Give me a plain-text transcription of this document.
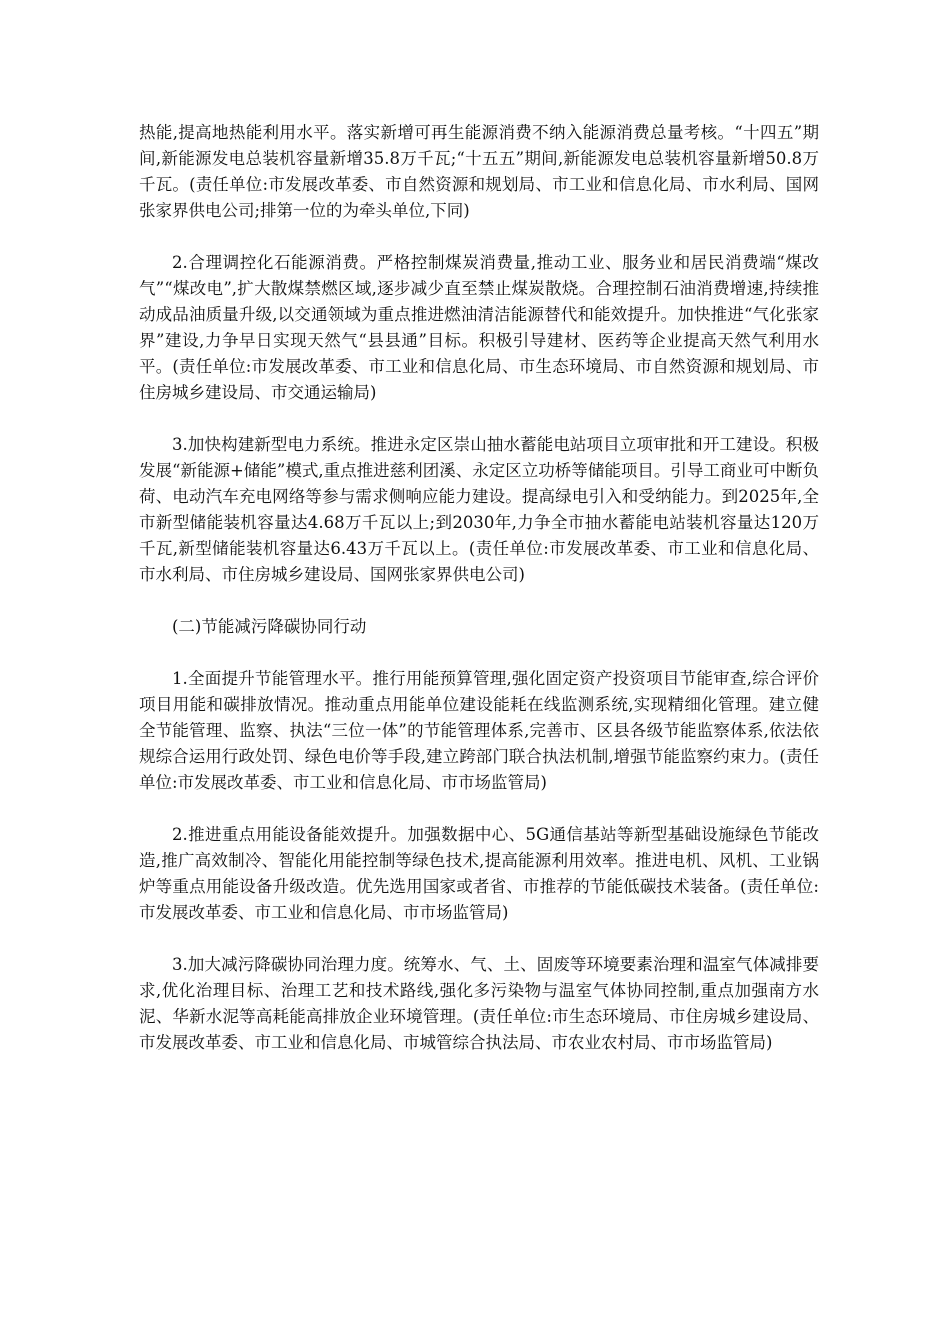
热能,提高地热能利用水平。落实新增可再生能源消费不纳入能源消费总量考核。“十四五”期间,新能源发电总装机容量新增35.8万千瓦;“十五五”期间,新能源发电总装机容量新增50.8万千瓦。(责任单位:市发展改革委、市自然资源和规划局、市工业和信息化局、市水利局、国网张家界供电公司;排第一位的为牵头单位,下同)

2.合理调控化石能源消费。严格控制煤炭消费量,推动工业、服务业和居民消费端“煤改气”“煤改电”,扩大散煤禁燃区域,逐步减少直至禁止煤炭散烧。合理控制石油消费增速,持续推动成品油质量升级,以交通领域为重点推进燃油清洁能源替代和能效提升。加快推进“气化张家界”建设,力争早日实现天然气“县县通”目标。积极引导建材、医药等企业提高天然气利用水平。(责任单位:市发展改革委、市工业和信息化局、市生态环境局、市自然资源和规划局、市住房城乡建设局、市交通运输局)

3.加快构建新型电力系统。推进永定区崇山抽水蓄能电站项目立项审批和开工建设。积极发展“新能源+储能”模式,重点推进慈利团溪、永定区立功桥等储能项目。引导工商业可中断负荷、电动汽车充电网络等参与需求侧响应能力建设。提高绿电引入和受纳能力。到2025年,全市新型储能装机容量达4.68万千瓦以上;到2030年,力争全市抽水蓄能电站装机容量达120万千瓦,新型储能装机容量达6.43万千瓦以上。(责任单位:市发展改革委、市工业和信息化局、市水利局、市住房城乡建设局、国网张家界供电公司)

(二)节能减污降碳协同行动

1.全面提升节能管理水平。推行用能预算管理,强化固定资产投资项目节能审查,综合评价项目用能和碳排放情况。推动重点用能单位建设能耗在线监测系统,实现精细化管理。建立健全节能管理、监察、执法“三位一体”的节能管理体系,完善市、区县各级节能监察体系,依法依规综合运用行政处罚、绿色电价等手段,建立跨部门联合执法机制,增强节能监察约束力。(责任单位:市发展改革委、市工业和信息化局、市市场监管局)

2.推进重点用能设备能效提升。加强数据中心、5G通信基站等新型基础设施绿色节能改造,推广高效制冷、智能化用能控制等绿色技术,提高能源利用效率。推进电机、风机、工业锅炉等重点用能设备升级改造。优先选用国家或者省、市推荐的节能低碳技术装备。(责任单位:市发展改革委、市工业和信息化局、市市场监管局)

3.加大减污降碳协同治理力度。统筹水、气、土、固废等环境要素治理和温室气体减排要求,优化治理目标、治理工艺和技术路线,强化多污染物与温室气体协同控制,重点加强南方水泥、华新水泥等高耗能高排放企业环境管理。(责任单位:市生态环境局、市住房城乡建设局、市发展改革委、市工业和信息化局、市城管综合执法局、市农业农村局、市市场监管局)
